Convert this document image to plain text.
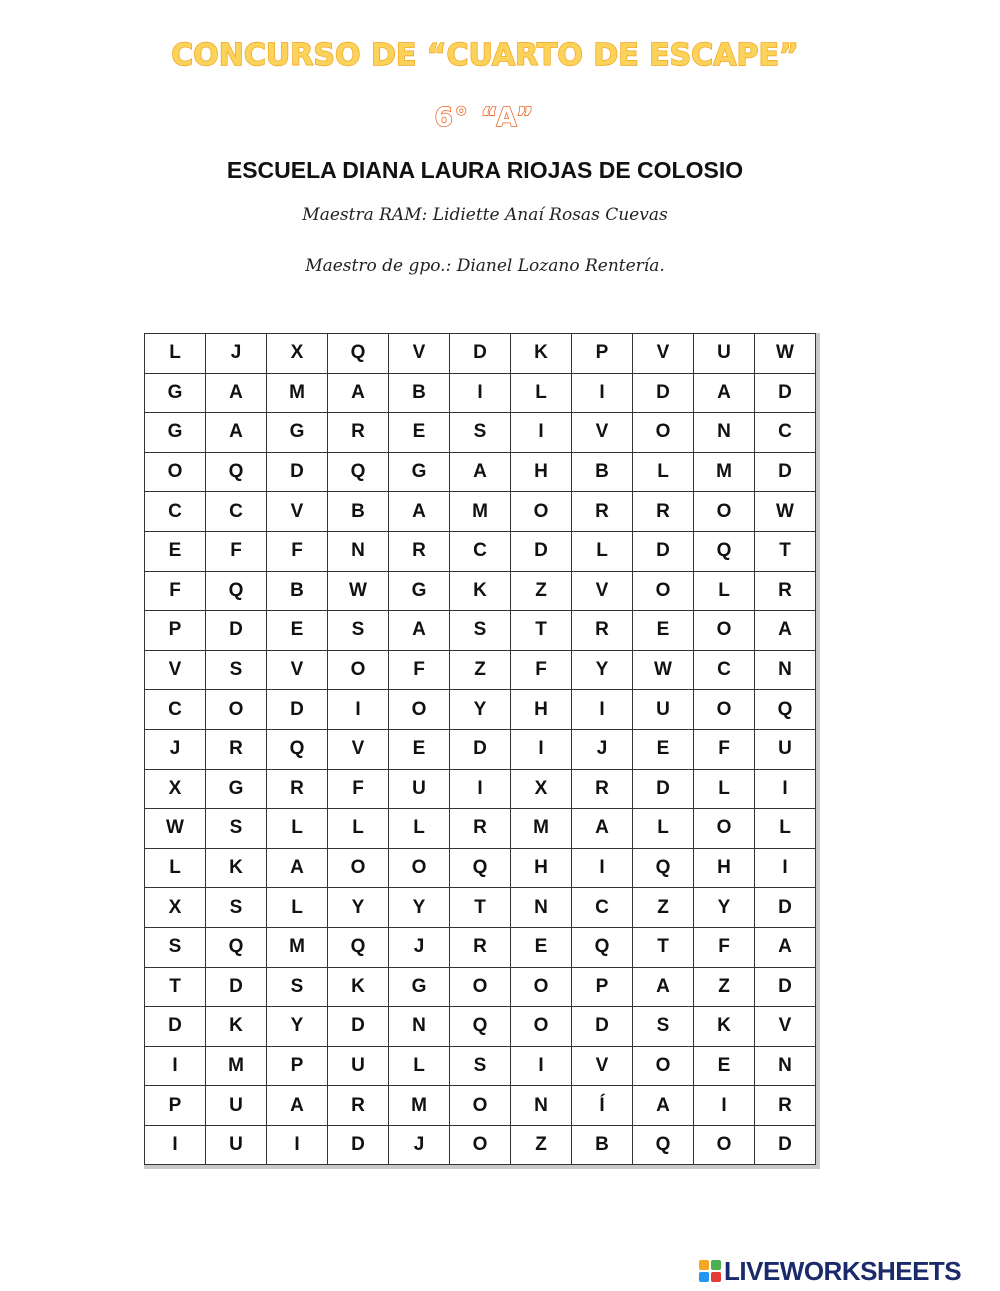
CONCURSO DE “CUARTO DE ESCAPE”
6° “A”
ESCUELA DIANA LAURA RIOJAS DE COLOSIO
Maestra RAM: Lidiette Anaí Rosas Cuevas
Maestro de gpo.: Dianel Lozano Rentería.
L	J	X	Q	V	D	K	P	V	U	W
G	A	M	A	B	I	L	I	D	A	D
G	A	G	R	E	S	I	V	O	N	C
O	Q	D	Q	G	A	H	B	L	M	D
C	C	V	B	A	M	O	R	R	O	W
E	F	F	N	R	C	D	L	D	Q	T
F	Q	B	W	G	K	Z	V	O	L	R
P	D	E	S	A	S	T	R	E	O	A
V	S	V	O	F	Z	F	Y	W	C	N
C	O	D	I	O	Y	H	I	U	O	Q
J	R	Q	V	E	D	I	J	E	F	U
X	G	R	F	U	I	X	R	D	L	I
W	S	L	L	L	R	M	A	L	O	L
L	K	A	O	O	Q	H	I	Q	H	I
X	S	L	Y	Y	T	N	C	Z	Y	D
S	Q	M	Q	J	R	E	Q	T	F	A
T	D	S	K	G	O	O	P	A	Z	D
D	K	Y	D	N	Q	O	D	S	K	V
I	M	P	U	L	S	I	V	O	E	N
P	U	A	R	M	O	N	Í	A	I	R
I	U	I	D	J	O	Z	B	Q	O	D
LIVEWORKSHEETS
